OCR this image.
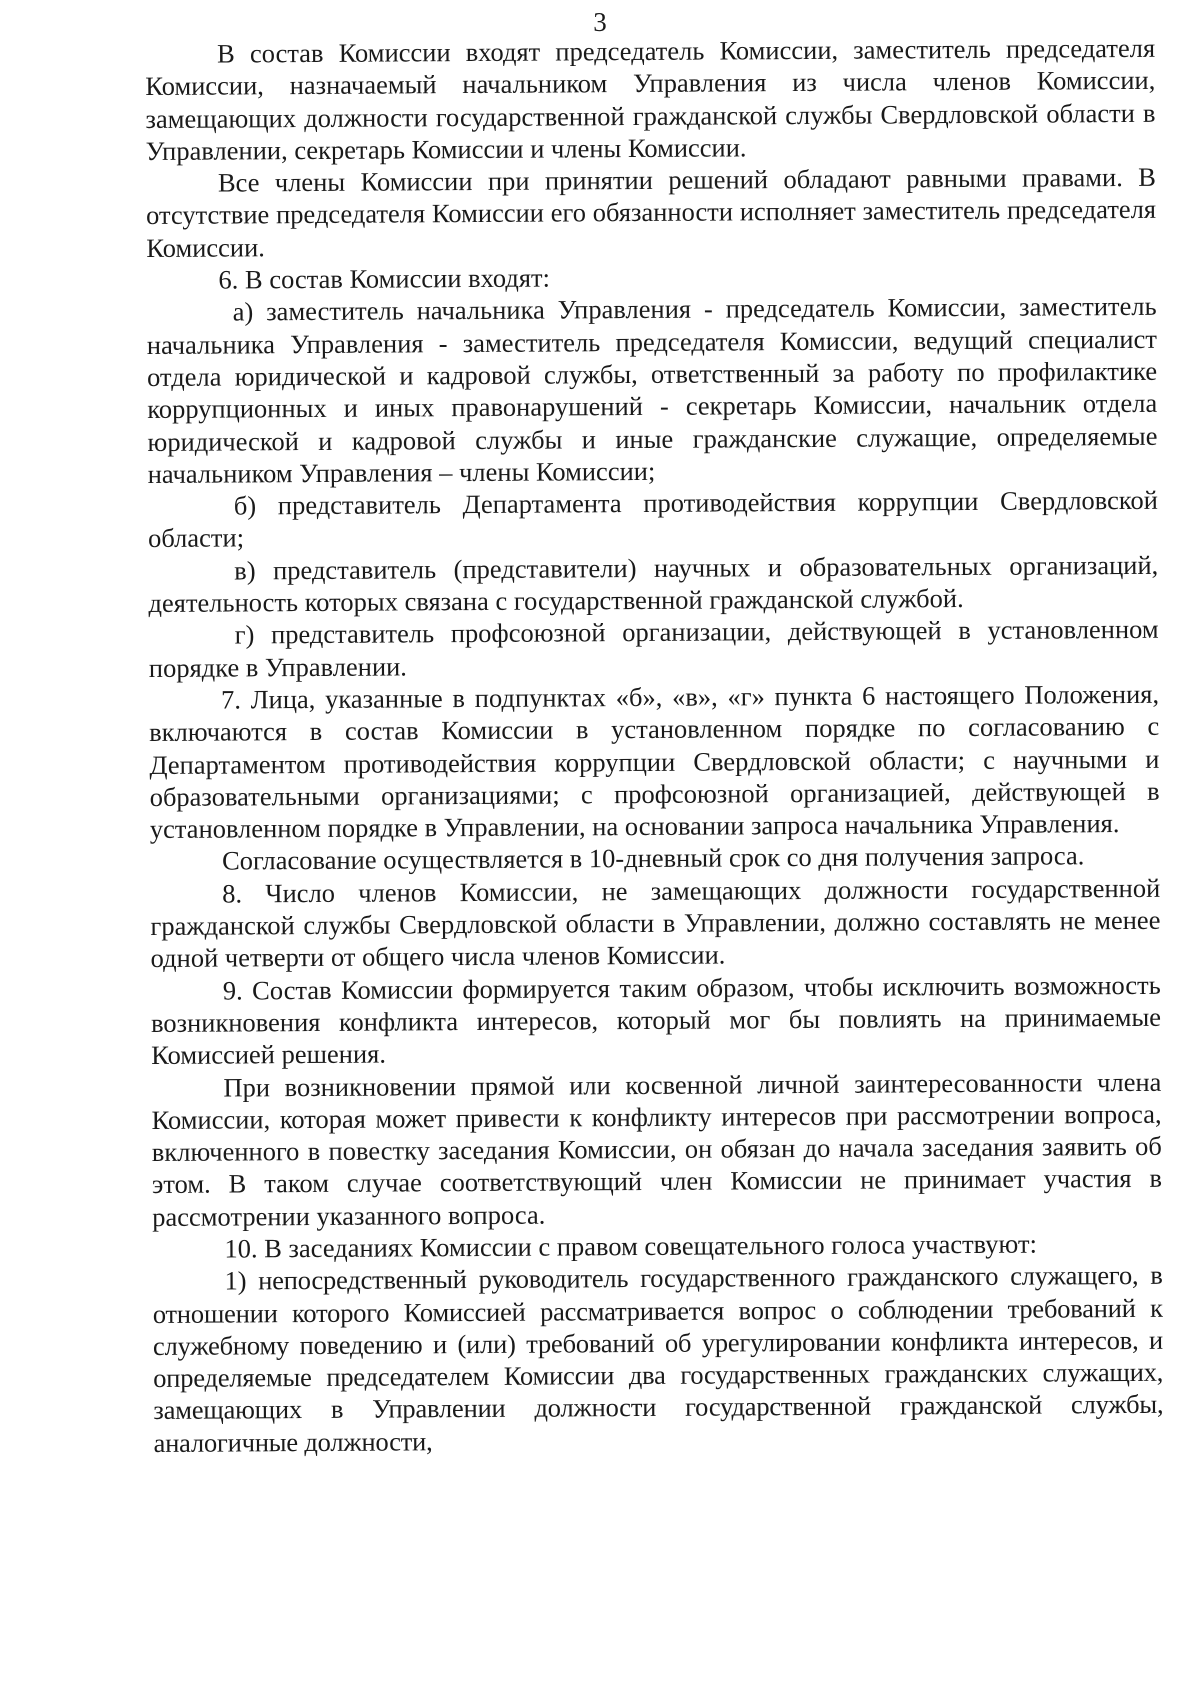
3

В состав Комиссии входят председатель Комиссии, заместитель председателя Комиссии, назначаемый начальником Управления из числа членов Комиссии, замещающих должности государственной гражданской службы Свердловской области в Управлении, секретарь Комиссии и члены Комиссии.

Все члены Комиссии при принятии решений обладают равными правами. В отсутствие председателя Комиссии его обязанности исполняет заместитель председателя Комиссии.

6. В состав Комиссии входят:

а) заместитель начальника Управления - председатель Комиссии, заместитель начальника Управления - заместитель председателя Комиссии, ведущий специалист отдела юридической и кадровой службы, ответственный за работу по профилактике коррупционных и иных правонарушений - секретарь Комиссии, начальник отдела юридической и кадровой службы и иные гражданские служащие, определяемые начальником Управления – члены Комиссии;

б) представитель Департамента противодействия коррупции Свердловской области;

в) представитель (представители) научных и образовательных организаций, деятельность которых связана с государственной гражданской службой.

г) представитель профсоюзной организации, действующей в установленном порядке в Управлении.

7. Лица, указанные в подпунктах «б», «в», «г» пункта 6 настоящего Положения, включаются в состав Комиссии в установленном порядке по согласованию с Департаментом противодействия коррупции Свердловской области; с научными и образовательными организациями; с профсоюзной организацией, действующей в установленном порядке в Управлении, на основании запроса начальника Управления.

Согласование осуществляется в 10-дневный срок со дня получения запроса.

8. Число членов Комиссии, не замещающих должности государственной гражданской службы Свердловской области в Управлении, должно составлять не менее одной четверти от общего числа членов Комиссии.

9. Состав Комиссии формируется таким образом, чтобы исключить возможность возникновения конфликта интересов, который мог бы повлиять на принимаемые Комиссией решения.

При возникновении прямой или косвенной личной заинтересованности члена Комиссии, которая может привести к конфликту интересов при рассмотрении вопроса, включенного в повестку заседания Комиссии, он обязан до начала заседания заявить об этом. В таком случае соответствующий член Комиссии не принимает участия в рассмотрении указанного вопроса.

10. В заседаниях Комиссии с правом совещательного голоса участвуют:

1) непосредственный руководитель государственного гражданского служащего, в отношении которого Комиссией рассматривается вопрос о соблюдении требований к служебному поведению и (или) требований об урегулировании конфликта интересов, и определяемые председателем Комиссии два государственных гражданских служащих, замещающих в Управлении должности государственной гражданской службы, аналогичные должности,
